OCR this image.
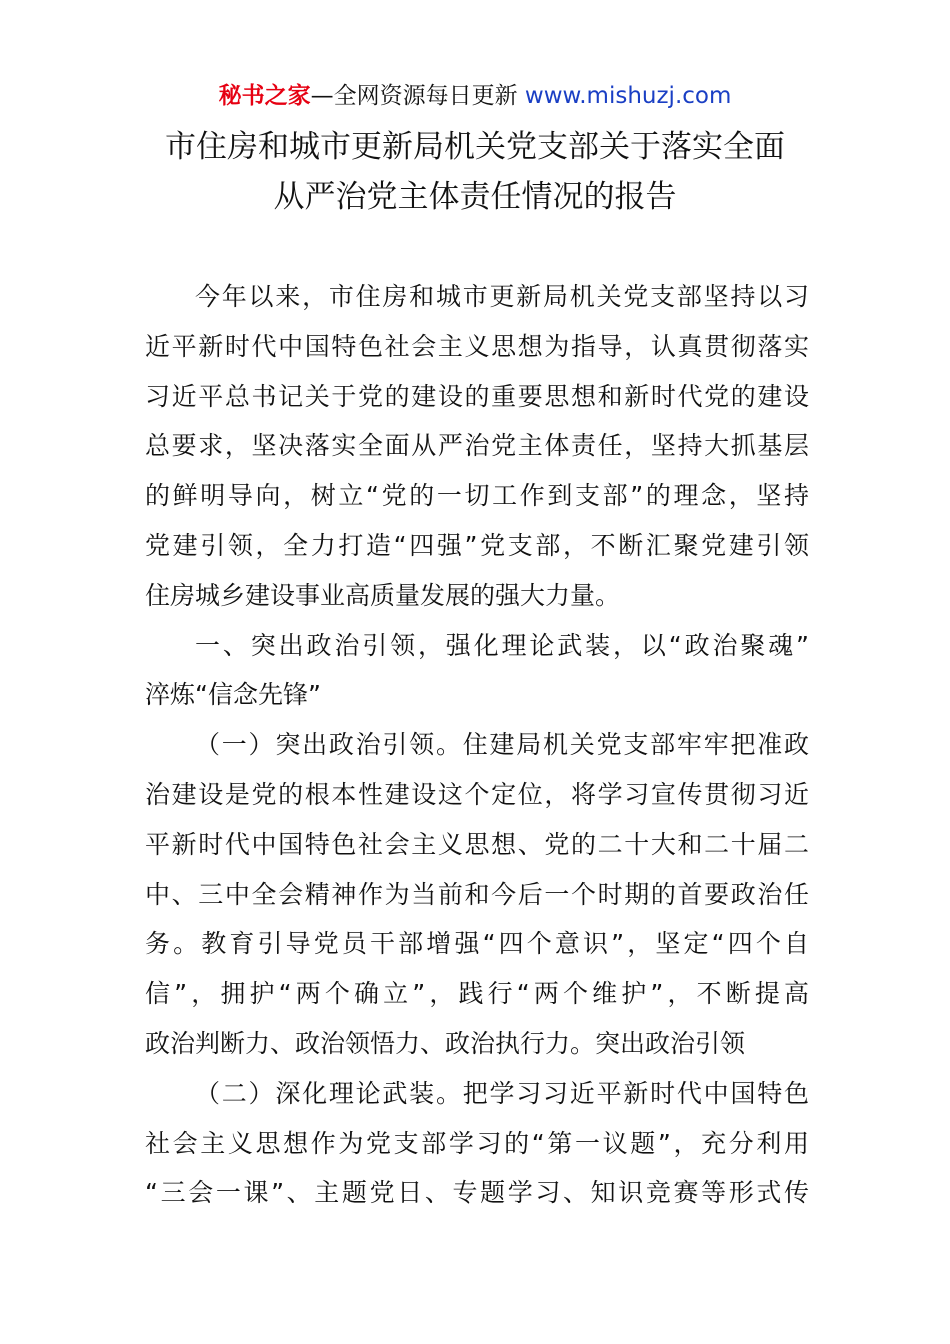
秘书之家—全网资源每日更新 www.mishuzj.com
市住房和城市更新局机关党支部关于落实全面
从严治党主体责任情况的报告
今年以来，市住房和城市更新局机关党支部坚持以习
近平新时代中国特色社会主义思想为指导，认真贯彻落实
习近平总书记关于党的建设的重要思想和新时代党的建设
总要求，坚决落实全面从严治党主体责任，坚持大抓基层
的鲜明导向，树立“党的一切工作到支部”的理念，坚持
党建引领，全力打造“四强”党支部，不断汇聚党建引领
住房城乡建设事业高质量发展的强大力量。
一、突出政治引领，强化理论武装，以“政治聚魂”
淬炼“信念先锋”
（一）突出政治引领。住建局机关党支部牢牢把准政
治建设是党的根本性建设这个定位，将学习宣传贯彻习近
平新时代中国特色社会主义思想、党的二十大和二十届二
中、三中全会精神作为当前和今后一个时期的首要政治任
务。教育引导党员干部增强“四个意识”，坚定“四个自
信”，拥护“两个确立”，践行“两个维护”，不断提高
政治判断力、政治领悟力、政治执行力。突出政治引领
（二）深化理论武装。把学习习近平新时代中国特色
社会主义思想作为党支部学习的“第一议题”，充分利用
“三会一课”、主题党日、专题学习、知识竞赛等形式传
